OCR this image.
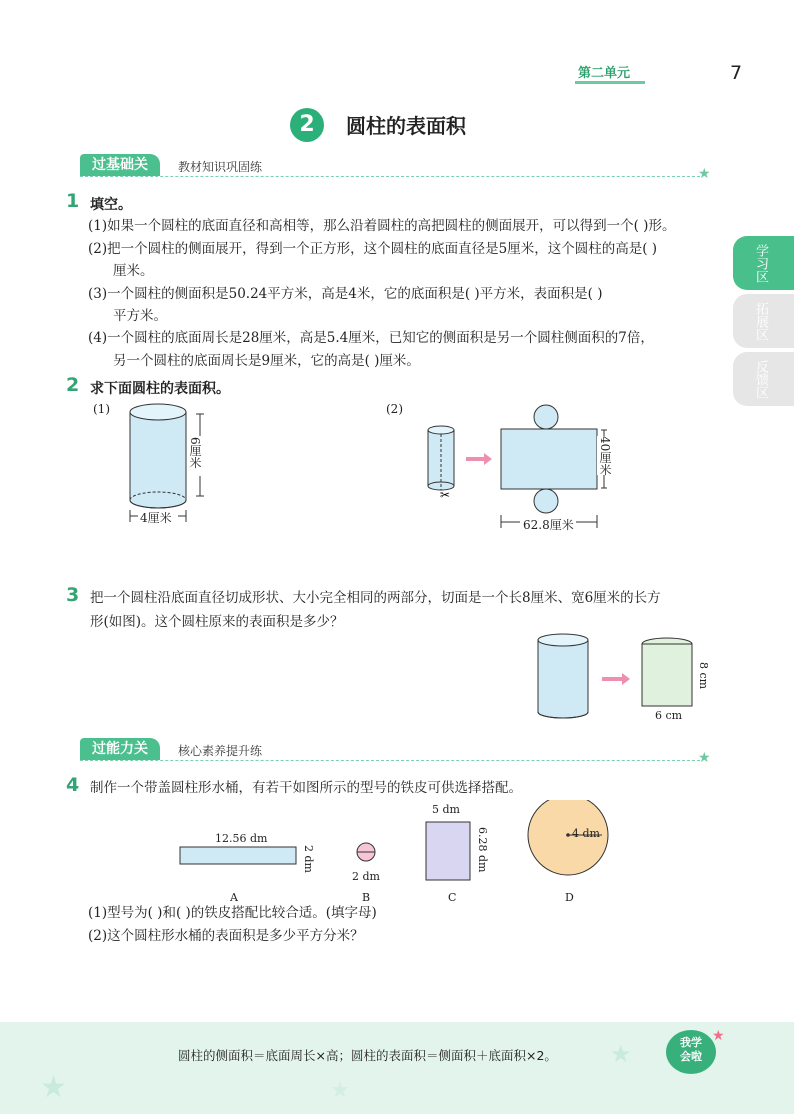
第二单元	7
2	圆柱的表面积
学习区
拓展区
反馈区
过基础关	教材知识巩固练	★
1 填空。
(1)如果一个圆柱的底面直径和高相等，那么沿着圆柱的高把圆柱的侧面展开，可以得到一个( )形。
(2)把一个圆柱的侧面展开，得到一个正方形，这个圆柱的底面直径是5厘米，这个圆柱的高是( )
厘米。
(3)一个圆柱的侧面积是50.24平方米，高是4米，它的底面积是( )平方米，表面积是( )
平方米。
(4)一个圆柱的底面周长是28厘米，高是5.4厘米，已知它的侧面积是另一个圆柱侧面积的7倍，
另一个圆柱的底面周长是9厘米，它的高是( )厘米。
2 求下面圆柱的表面积。
(1)	(2)
6厘米
4厘米
✂
40厘米
62.8厘米
3 把一个圆柱沿底面直径切成形状、大小完全相同的两部分，切面是一个长8厘米、宽6厘米的长方
形(如图)。这个圆柱原来的表面积是多少？
8 cm
6 cm
过能力关	核心素养提升练	★
4 制作一个带盖圆柱形水桶，有若干如图所示的型号的铁皮可供选择搭配。
12.56 dm
2 dm
2 dm
5 dm
6.28 dm	4 dm
A	B	C	D
(1)型号为( )和( )的铁皮搭配比较合适。(填字母)
(2)这个圆柱形水桶的表面积是多少平方分米？
★
★
★
圆柱的侧面积＝底面周长×高；圆柱的表面积＝侧面积＋底面积×2。
我学
会啦
★
